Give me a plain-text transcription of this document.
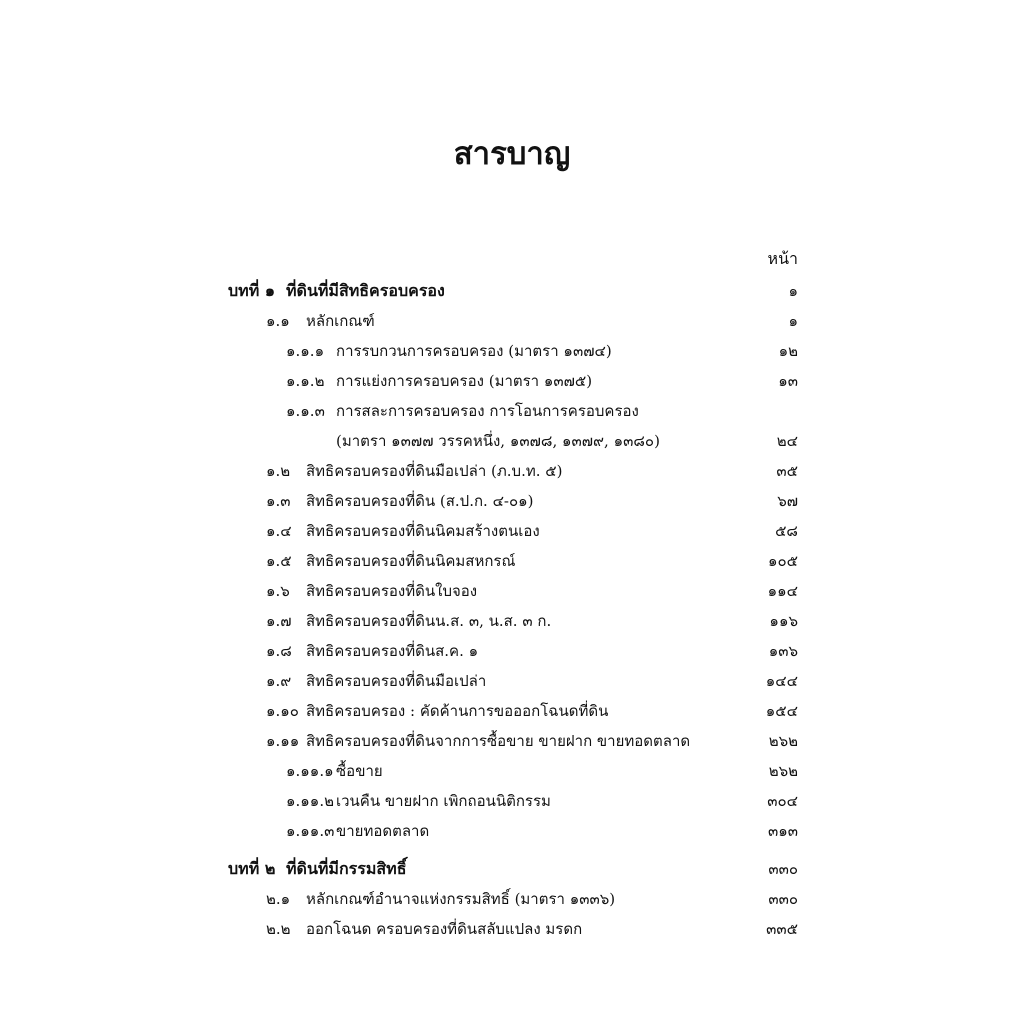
สารบาญ
หน้า
บทที่ ๑ ที่ดินที่มีสิทธิครอบครอง	๑
๑.๑ หลักเกณฑ์	๑
๑.๑.๑ การรบกวนการครอบครอง (มาตรา ๑๓๗๔)	๑๒
๑.๑.๒ การแย่งการครอบครอง (มาตรา ๑๓๗๕)	๑๓
๑.๑.๓ การสละการครอบครอง การโอนการครอบครอง
(มาตรา ๑๓๗๗ วรรคหนึ่ง, ๑๓๗๘, ๑๓๗๙, ๑๓๘๐)	๒๔
๑.๒ สิทธิครอบครองที่ดินมือเปล่า (ภ.บ.ท. ๕)	๓๕
๑.๓ สิทธิครอบครองที่ดิน (ส.ป.ก. ๔-๐๑)	๖๗
๑.๔ สิทธิครอบครองที่ดินนิคมสร้างตนเอง	๕๘
๑.๕ สิทธิครอบครองที่ดินนิคมสหกรณ์	๑๐๕
๑.๖ สิทธิครอบครองที่ดินใบจอง	๑๑๔
๑.๗ สิทธิครอบครองที่ดินน.ส. ๓, น.ส. ๓ ก.	๑๑๖
๑.๘ สิทธิครอบครองที่ดินส.ค. ๑	๑๓๖
๑.๙ สิทธิครอบครองที่ดินมือเปล่า	๑๔๔
๑.๑๐ สิทธิครอบครอง : คัดค้านการขอออกโฉนดที่ดิน	๑๕๔
๑.๑๑ สิทธิครอบครองที่ดินจากการซื้อขาย ขายฝาก ขายทอดตลาด	๒๖๒
๑.๑๑.๑ ซื้อขาย	๒๖๒
๑.๑๑.๒ เวนคืน ขายฝาก เพิกถอนนิติกรรม	๓๐๔
๑.๑๑.๓ ขายทอดตลาด	๓๑๓
บทที่ ๒ ที่ดินที่มีกรรมสิทธิ์	๓๓๐
๒.๑ หลักเกณฑ์อำนาจแห่งกรรมสิทธิ์ (มาตรา ๑๓๓๖)	๓๓๐
๒.๒ ออกโฉนด ครอบครองที่ดินสลับแปลง มรดก	๓๓๕
